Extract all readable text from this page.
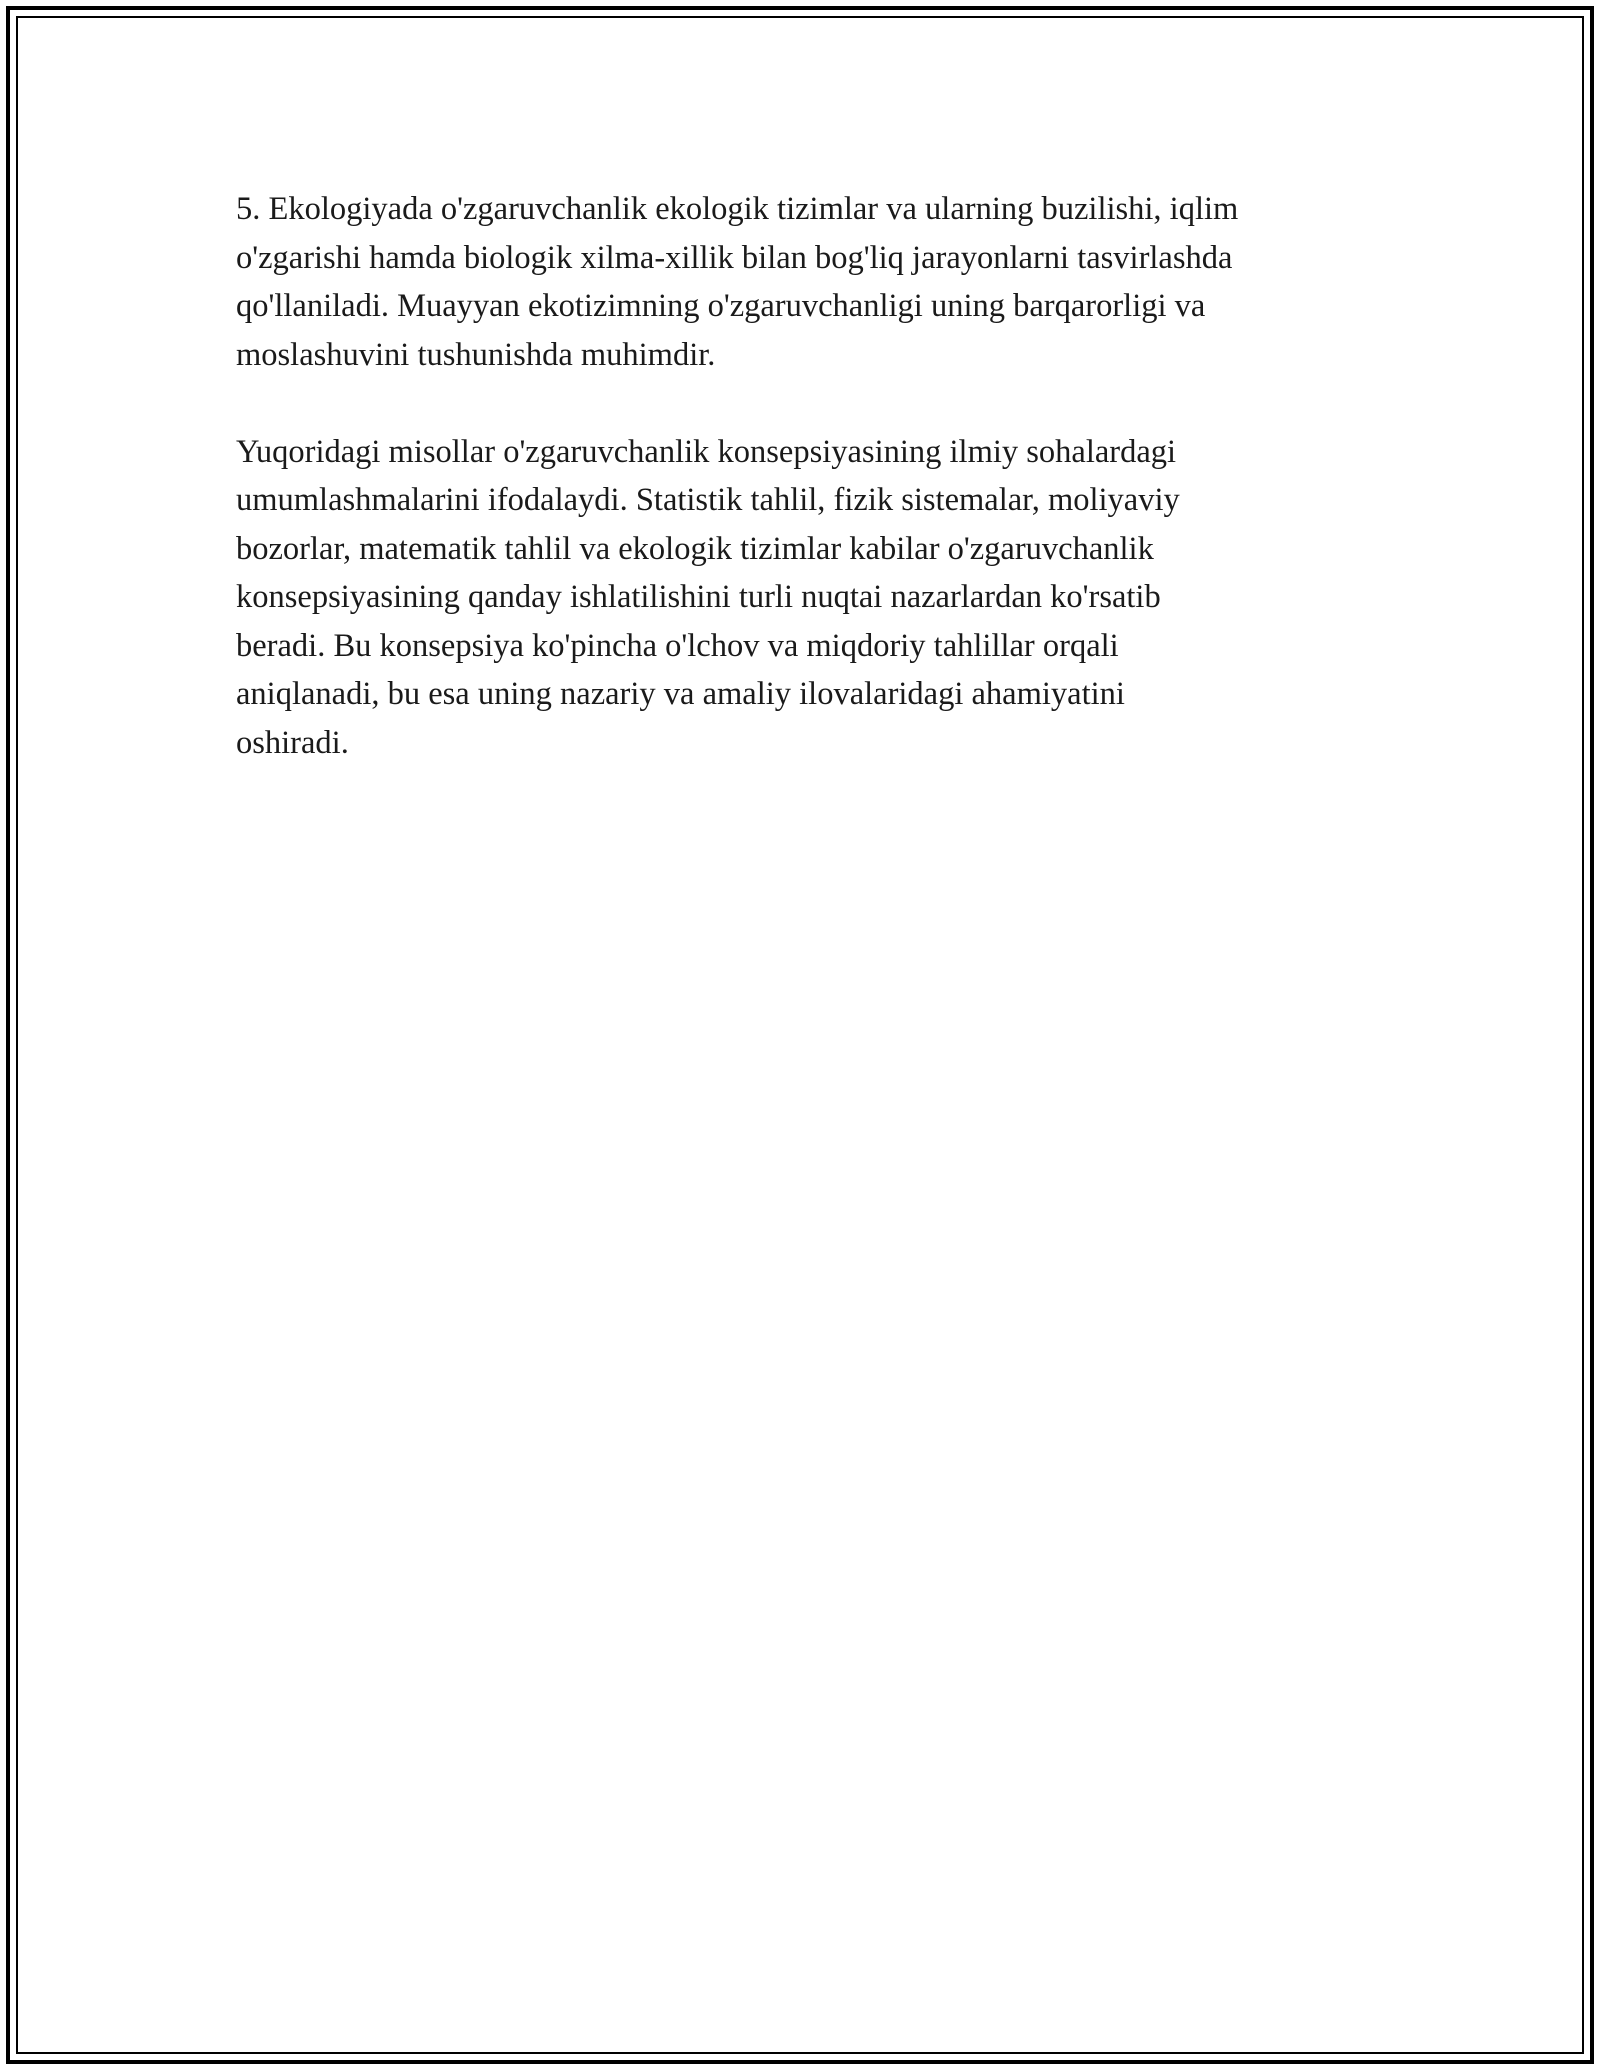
5. Ekologiyada o'zgaruvchanlik ekologik tizimlar va ularning buzilishi, iqlim
o'zgarishi hamda biologik xilma-xillik bilan bog'liq jarayonlarni tasvirlashda
qo'llaniladi. Muayyan ekotizimning o'zgaruvchanligi uning barqarorligi va
moslashuvini tushunishda muhimdir.

Yuqoridagi misollar o'zgaruvchanlik konsepsiyasining ilmiy sohalardagi
umumlashmalarini ifodalaydi. Statistik tahlil, fizik sistemalar, moliyaviy
bozorlar, matematik tahlil va ekologik tizimlar kabilar o'zgaruvchanlik
konsepsiyasining qanday ishlatilishini turli nuqtai nazarlardan ko'rsatib
beradi. Bu konsepsiya ko'pincha o'lchov va miqdoriy tahlillar orqali
aniqlanadi, bu esa uning nazariy va amaliy ilovalaridagi ahamiyatini
oshiradi.
